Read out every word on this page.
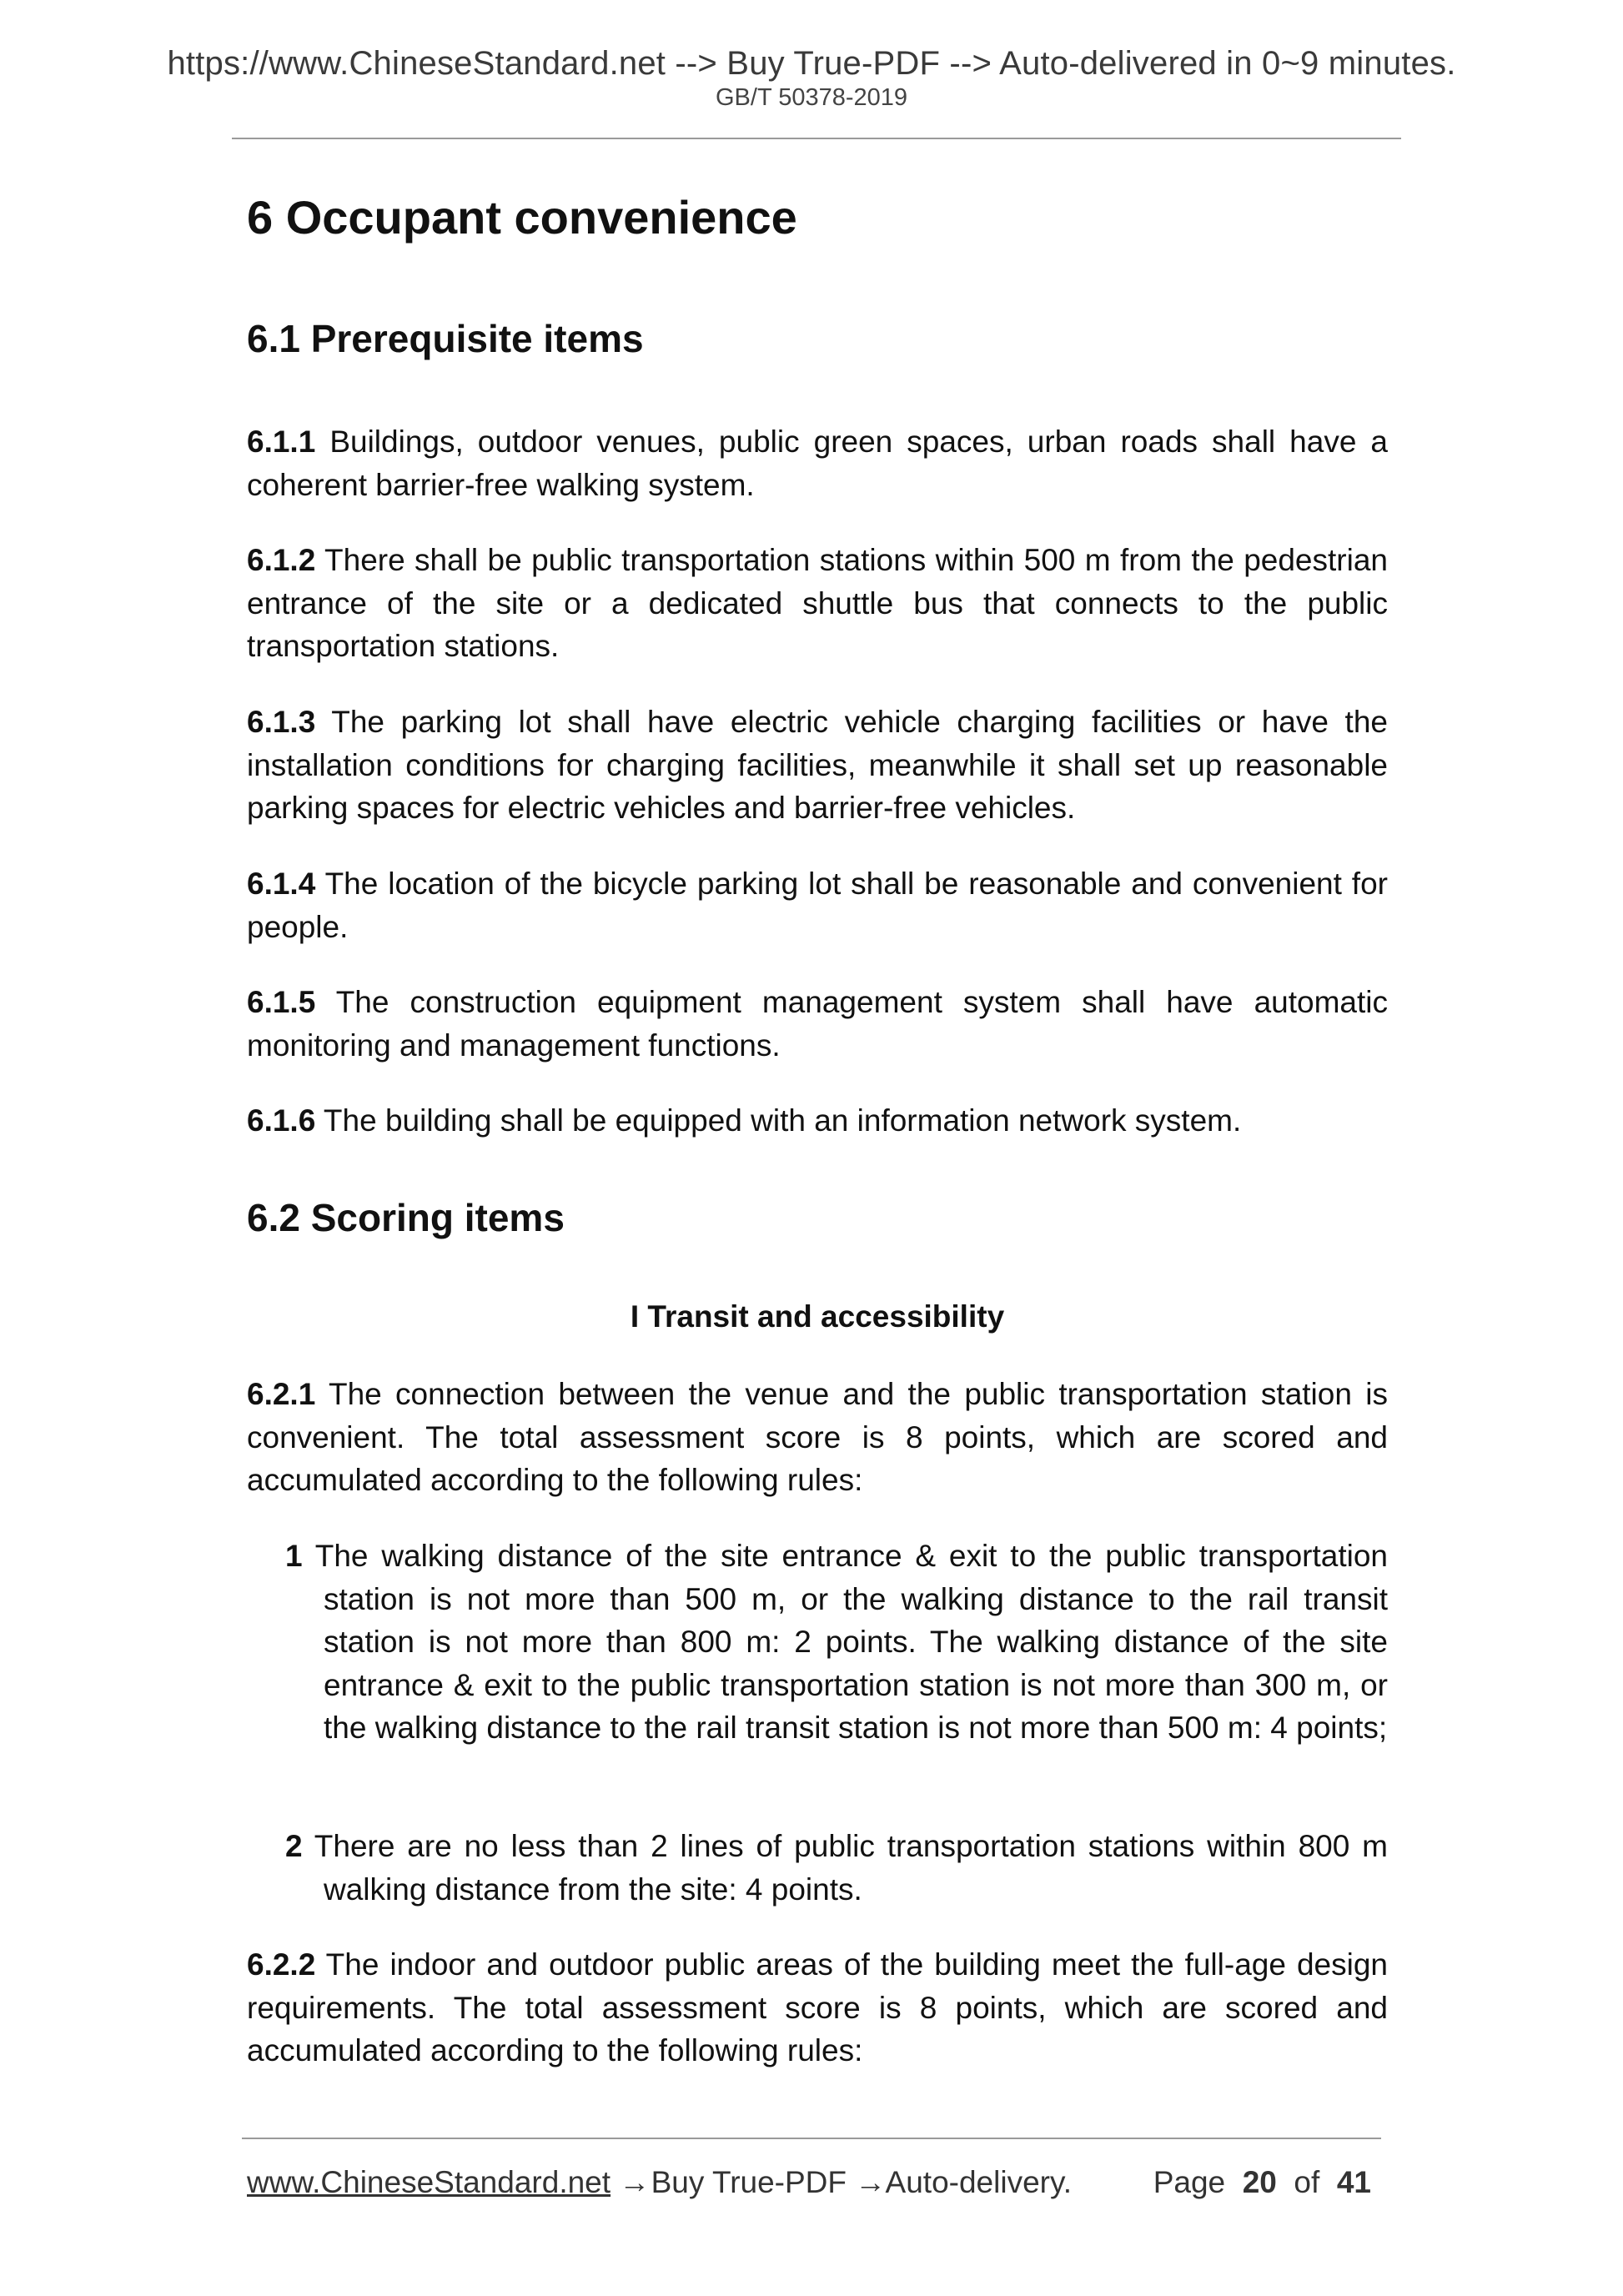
https://www.ChineseStandard.net --> Buy True-PDF --> Auto-delivered in 0~9 minutes.
GB/T 50378-2019
6 Occupant convenience
6.1 Prerequisite items

6.1.1 Buildings, outdoor venues, public green spaces, urban roads shall have a coherent barrier-free walking system.

6.1.2 There shall be public transportation stations within 500 m from the pedestrian entrance of the site or a dedicated shuttle bus that connects to the public transportation stations.

6.1.3 The parking lot shall have electric vehicle charging facilities or have the installation conditions for charging facilities, meanwhile it shall set up reasonable parking spaces for electric vehicles and barrier-free vehicles.

6.1.4 The location of the bicycle parking lot shall be reasonable and convenient for people.

6.1.5 The construction equipment management system shall have automatic monitoring and management functions.

6.1.6 The building shall be equipped with an information network system.

6.2 Scoring items
I Transit and accessibility

6.2.1 The connection between the venue and the public transportation station is convenient. The total assessment score is 8 points, which are scored and accumulated according to the following rules:

1 The walking distance of the site entrance & exit to the public transportation station is not more than 500 m, or the walking distance to the rail transit station is not more than 800 m: 2 points. The walking distance of the site entrance & exit to the public transportation station is not more than 300 m, or the walking distance to the rail transit station is not more than 500 m: 4 points;

2 There are no less than 2 lines of public transportation stations within 800 m walking distance from the site: 4 points.

6.2.2 The indoor and outdoor public areas of the building meet the full-age design requirements. The total assessment score is 8 points, which are scored and accumulated according to the following rules:

www.ChineseStandard.net → Buy True-PDF → Auto-delivery.	Page 20 of 41
